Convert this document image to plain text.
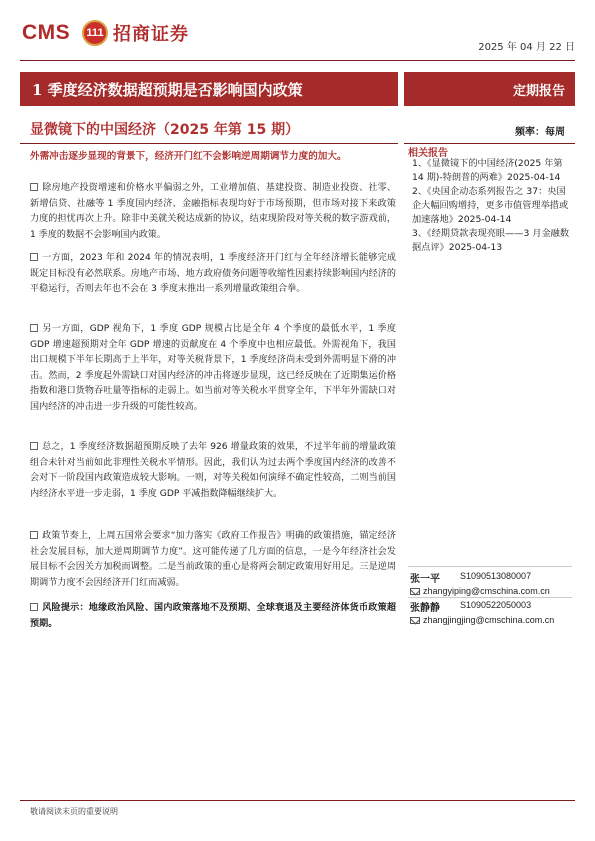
CMS	111 招商证券
2025 年 04 月 22 日
1 季度经济数据超预期是否影响国内政策	定期报告
显微镜下的中国经济（2025 年第 15 期）	频率：每周
外需冲击逐步显现的背景下，经济开门红不会影响逆周期调节力度的加大。
除房地产投资增速和价格水平偏弱之外，工业增加值、基建投资、制造业投资、社零、新增信贷、社融等 1 季度国内经济、金融指标表现均好于市场预期，但市场对接下来政策力度的担忧再次上升。除非中美就关税达成新的协议，结束现阶段对等关税的数字游戏前，1 季度的数据不会影响国内政策。
一方面，2023 年和 2024 年的情况表明，1 季度经济开门红与全年经济增长能够完成既定目标没有必然联系。房地产市场、地方政府债务问题等收缩性因素持续影响国内经济的平稳运行，否则去年也不会在 3 季度末推出一系列增量政策组合拳。
另一方面，GDP 视角下，1 季度 GDP 规模占比是全年 4 个季度的最低水平，1 季度 GDP 增速超预期对全年 GDP 增速的贡献度在 4 个季度中也相应最低。外需视角下，我国出口规模下半年长期高于上半年，对等关税背景下，1 季度经济尚未受到外需明显下滑的冲击。然而，2 季度起外需缺口对国内经济的冲击将逐步显现，这已经反映在了近期集运价格指数和港口货物吞吐量等指标的走弱上。如当前对等关税水平贯穿全年，下半年外需缺口对国内经济的冲击进一步升级的可能性较高。
总之，1 季度经济数据超预期反映了去年 926 增量政策的效果，不过半年前的增量政策组合未针对当前如此非理性关税水平情形。因此，我们认为过去两个季度国内经济的改善不会对下一阶段国内政策造成较大影响。一则，对等关税如何演绎不确定性较高，二则当前国内经济水平进一步走弱，1 季度 GDP 平减指数降幅继续扩大。
政策节奏上，上周五国常会要求“加力落实《政府工作报告》明确的政策措施，锚定经济社会发展目标，加大逆周期调节力度”。这可能传递了几方面的信息，一是今年经济社会发展目标不会因关方加税而调整。二是当前政策的重心是将两会制定政策用好用足。三是逆周期调节力度不会因经济开门红而减弱。
风险提示：地缘政治风险、国内政策落地不及预期、全球衰退及主要经济体货币政策超预期。
相关报告
1、《显微镜下的中国经济(2025 年第 14 期)-特朗普的两难》2025-04-14
2、《央国企动态系列报告之 37：央国企大幅回购增持，更多市值管理举措或加速落地》2025-04-14
3、《经期贷款表现亮眼——3 月金融数据点评》2025-04-13
张一平 S1090513080007
zhangyiping@cmschina.com.cn
张静静 S1090522050003
zhangjingjing@cmschina.com.cn
敬请阅读末页的重要说明
